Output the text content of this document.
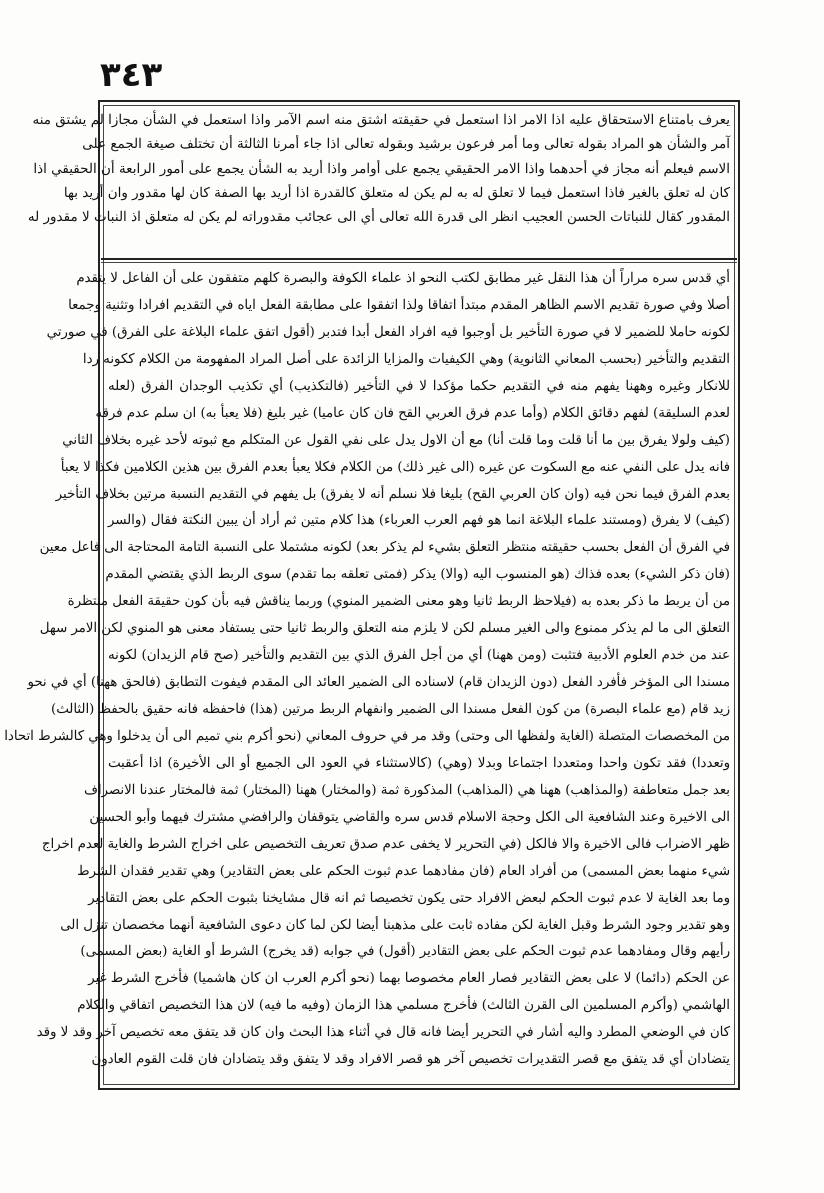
٣٤٣
يعرف بامتناع الاستحقاق عليه اذا الامر اذا استعمل في حقيقته اشتق منه اسم الآمر واذا استعمل في الشأن مجازا لم يشتق منه
آمر والشأن هو المراد بقوله تعالى وما أمر فرعون برشيد وبقوله تعالى اذا جاء أمرنا الثالثة أن تختلف صيغة الجمع على
الاسم فيعلم أنه مجاز في أحدهما واذا الامر الحقيقي يجمع على أوامر واذا أريد به الشأن يجمع على أمور الرابعة أن الحقيقي اذا
كان له تعلق بالغير فاذا استعمل فيما لا تعلق له به لم يكن له متعلق كالقدرة اذا أريد بها الصفة كان لها مقدور وان أريد بها
المقدور كقال للنباتات الحسن العجيب انظر الى قدرة الله تعالى أي الى عجائب مقدوراته لم يكن له متعلق اذ النبات لا مقدور له
أي قدس سره مراراً أن هذا النقل غير مطابق لكتب النحو اذ علماء الكوفة والبصرة كلهم متفقون على أن الفاعل لا يتقدم
أصلا وفي صورة تقديم الاسم الظاهر المقدم مبتدأ اتفاقا ولذا اتفقوا على مطابقة الفعل اياه في التقديم افرادا وتثنية وجمعا
لكونه حاملا للضمير لا في صورة التأخير بل أوجبوا فيه افراد الفعل أبدا فتدبر (أقول اتفق علماء البلاغة على الفرق) في صورتي
التقديم والتأخير (بحسب المعاني الثانوية) وهي الكيفيات والمزايا الزائدة على أصل المراد المفهومة من الكلام ككونه ردا
للانكار وغيره وههنا يفهم منه في التقديم حكما مؤكدا لا في التأخير (فالتكذيب) أي تكذيب الوجدان الفرق (لعله
لعدم السليقة) لفهم دقائق الكلام (وأما عدم فرق العربي القح فان كان عاميا) غير بليغ (فلا يعبأ به) ان سلم عدم فرقه
(كيف ولولا يفرق بين ما أنا قلت وما قلت أنا) مع أن الاول يدل على نفي القول عن المتكلم مع ثبوته لأحد غيره بخلاف الثاني
فانه يدل على النفي عنه مع السكوت عن غيره (الى غير ذلك) من الكلام فكلا يعبأ بعدم الفرق بين هذين الكلامين فكذا لا يعبأ
بعدم الفرق فيما نحن فيه (وان كان العربي القح) بليغا فلا نسلم أنه لا يفرق) بل يفهم في التقديم النسبة مرتين بخلاف التأخير
(كيف) لا يفرق (ومستند علماء البلاغة انما هو فهم العرب العرباء) هذا كلام متين ثم أراد أن يبين النكتة فقال (والسر
في الفرق أن الفعل بحسب حقيقته منتظر التعلق بشيء لم يذكر بعد) لكونه مشتملا على النسبة التامة المحتاجة الى فاعل معين
(فان ذكر الشيء) بعده فذاك (هو المنسوب اليه (والا) يذكر (فمتى تعلقه بما تقدم) سوى الربط الذي يقتضي المقدم
من أن يربط ما ذكر بعده به (فيلاحظ الربط ثانيا وهو معنى الضمير المنوي) وربما يناقش فيه بأن كون حقيقة الفعل منتظرة
التعلق الى ما لم يذكر ممنوع والى الغير مسلم لكن لا يلزم منه التعلق والربط ثانيا حتى يستفاد معنى هو المنوي لكن الامر سهل
عند من خدم العلوم الأدبية فتثبت (ومن ههنا) أي من أجل الفرق الذي بين التقديم والتأخير (صح قام الزيدان) لكونه
مسندا الى المؤخر فأفرد الفعل (دون الزيدان قام) لاسناده الى الضمير العائد الى المقدم فيفوت التطابق (فالحق ههنا) أي في نحو
زيد قام (مع علماء البصرة) من كون الفعل مسندا الى الضمير وانفهام الربط مرتين (هذا) فاحفظه فانه حقيق بالحفظ (الثالث)
من المخصصات المتصلة (الغاية ولفظها الى وحتى) وقد مر في حروف المعاني (نحو أكرم بني تميم الى أن يدخلوا وهي كالشرط اتحادا
وتعددا) فقد تكون واحدا ومتعددا اجتماعا وبدلا (وهي) (كالاستثناء في العود الى الجميع أو الى الأخيرة) اذا أعقبت
بعد جمل متعاطفة (والمذاهب) ههنا هي (المذاهب) المذكورة ثمة (والمختار) ههنا (المختار) ثمة فالمختار عندنا الانصراف
الى الاخيرة وعند الشافعية الى الكل وحجة الاسلام قدس سره والقاضي يتوقفان والرافضي مشترك فيهما وأبو الحسين
ظهر الاضراب فالى الاخيرة والا فالكل (في التحرير لا يخفى عدم صدق تعريف التخصيص على اخراج الشرط والغاية لعدم اخراج
شيء منهما بعض المسمى) من أفراد العام (فان مفادهما عدم ثبوت الحكم على بعض التقادير) وهي تقدير فقدان الشرط
وما بعد الغاية لا عدم ثبوت الحكم لبعض الافراد حتى يكون تخصيصا ثم انه قال مشايخنا بثبوت الحكم على بعض التقادير
وهو تقدير وجود الشرط وقبل الغاية لكن مفاده ثابت على مذهبنا أيضا لكن لما كان دعوى الشافعية أنهما مخصصان تنزل الى
رأيهم وقال ومفادهما عدم ثبوت الحكم على بعض التقادير (أقول) في جوابه (قد يخرج) الشرط أو الغاية (بعض المسمى)
عن الحكم (دائما) لا على بعض التقادير فصار العام مخصوصا بهما (نحو أكرم العرب ان كان هاشميا) فأخرج الشرط غير
الهاشمي (وأكرم المسلمين الى القرن الثالث) فأخرج مسلمي هذا الزمان (وفيه ما فيه) لان هذا التخصيص اتفاقي والكلام
كان في الوضعي المطرد واليه أشار في التحرير أيضا فانه قال في أثناء هذا البحث وان كان قد يتفق معه تخصيص آخر وقد لا وقد
يتضادان أي قد يتفق مع قصر التقديرات تخصيص آخر هو قصر الافراد وقد لا يتفق وقد يتضادان فان قلت القوم العادون
